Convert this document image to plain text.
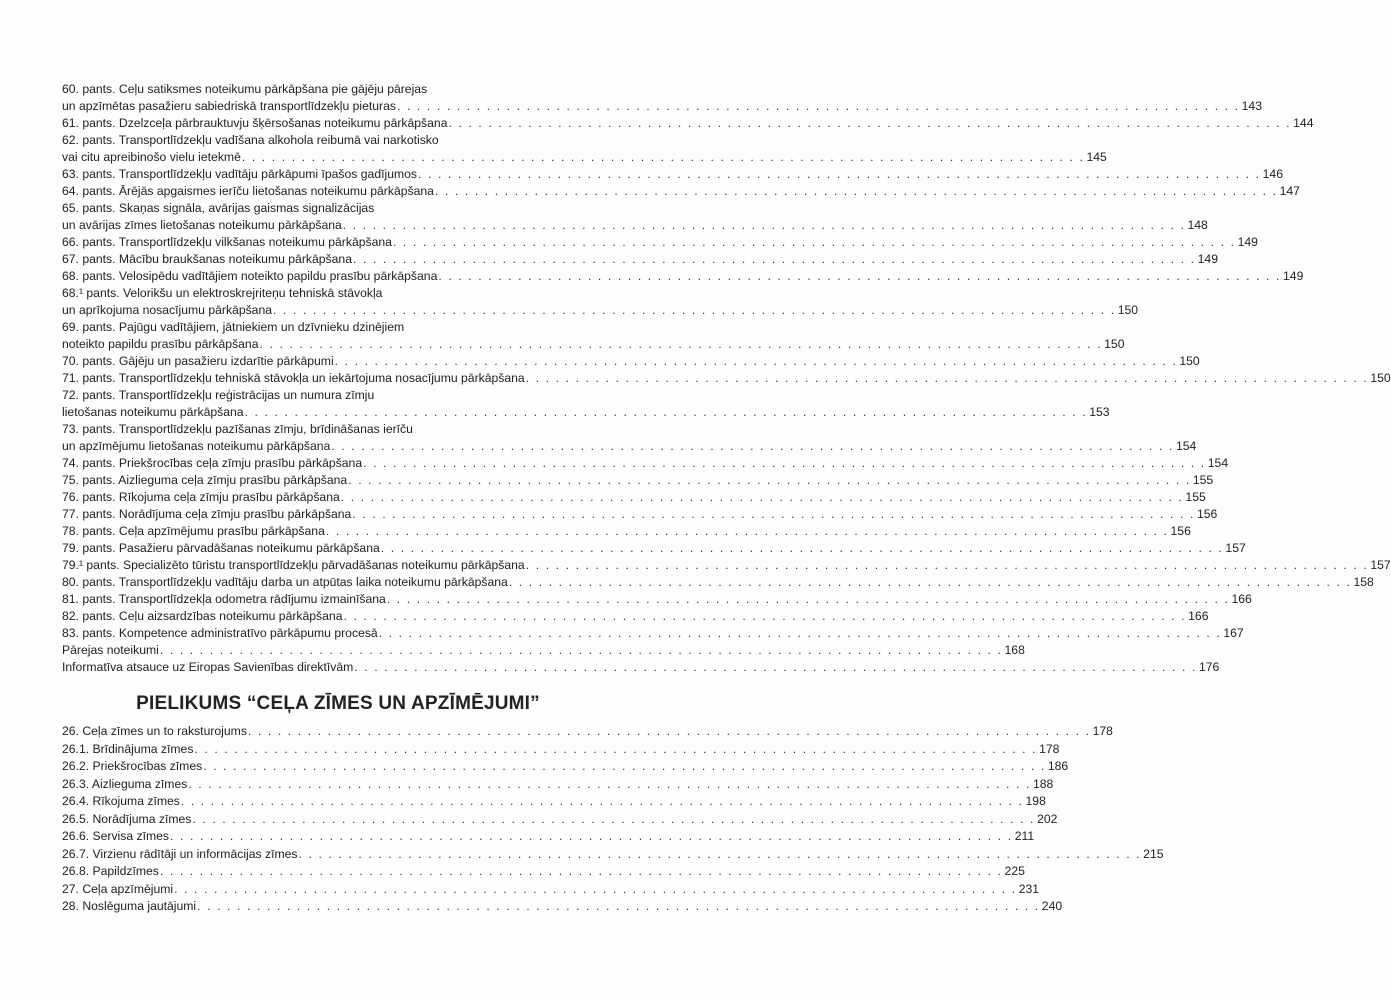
60. pants. Ceļu satiksmes noteikumu pārkāpšana pie gājēju pārejas
un apzīmētas pasažieru sabiedriskā transportlīdzekļu pieturas . . . . . . . . . . . . . . . . . . . . . . . . . . . . . . . . . . . . . . . . . . . . . . . . . . . . . . . . . . . . . . . . . . . . . . . . . . . . . . . . . . . . . 143
61. pants. Dzelzceļa pārbrauktuvju šķērsošanas noteikumu pārkāpšana . . . . . . . . . . . . . . . . . . . . . . . . . . . . . . . . . . . . . . . . . . . . . . . . . . . . . . . . . . . . . . . . . . . . . . . . . . . . . . . . . . . . . 144
62. pants. Transportlīdzekļu vadīšana alkohola reibumā vai narkotisko
vai citu apreibinošo vielu ietekmē . . . . . . . . . . . . . . . . . . . . . . . . . . . . . . . . . . . . . . . . . . . . . . . . . . . . . . . . . . . . . . . . . . . . . . . . . . . . . . . . . . . . . 145
63. pants. Transportlīdzekļu vadītāju pārkāpumi īpašos gadījumos . . . . . . . . . . . . . . . . . . . . . . . . . . . . . . . . . . . . . . . . . . . . . . . . . . . . . . . . . . . . . . . . . . . . . . . . . . . . . . . . . . . . . 146
64. pants. Ārējās apgaismes ierīču lietošanas noteikumu pārkāpšana . . . . . . . . . . . . . . . . . . . . . . . . . . . . . . . . . . . . . . . . . . . . . . . . . . . . . . . . . . . . . . . . . . . . . . . . . . . . . . . . . . . . . 147
65. pants. Skaņas signāla, avārijas gaismas signalizācijas
un avārijas zīmes lietošanas noteikumu pārkāpšana . . . . . . . . . . . . . . . . . . . . . . . . . . . . . . . . . . . . . . . . . . . . . . . . . . . . . . . . . . . . . . . . . . . . . . . . . . . . . . . . . . . . . 148
66. pants. Transportlīdzekļu vilkšanas noteikumu pārkāpšana . . . . . . . . . . . . . . . . . . . . . . . . . . . . . . . . . . . . . . . . . . . . . . . . . . . . . . . . . . . . . . . . . . . . . . . . . . . . . . . . . . . . . 149
67. pants. Mācību braukšanas noteikumu pārkāpšana . . . . . . . . . . . . . . . . . . . . . . . . . . . . . . . . . . . . . . . . . . . . . . . . . . . . . . . . . . . . . . . . . . . . . . . . . . . . . . . . . . . . . 149
68. pants. Velosipēdu vadītājiem noteikto papildu prasību pārkāpšana . . . . . . . . . . . . . . . . . . . . . . . . . . . . . . . . . . . . . . . . . . . . . . . . . . . . . . . . . . . . . . . . . . . . . . . . . . . . . . . . . . . . . 149
68.¹ pants. Velorikšu un elektroskrejriteņu tehniskā stāvokļa
un aprīkojuma nosacījumu pārkāpšana . . . . . . . . . . . . . . . . . . . . . . . . . . . . . . . . . . . . . . . . . . . . . . . . . . . . . . . . . . . . . . . . . . . . . . . . . . . . . . . . . . . . . 150
69. pants. Pajūgu vadītājiem, jātniekiem un dzīvnieku dzinējiem
noteikto papildu prasību pārkāpšana . . . . . . . . . . . . . . . . . . . . . . . . . . . . . . . . . . . . . . . . . . . . . . . . . . . . . . . . . . . . . . . . . . . . . . . . . . . . . . . . . . . . . 150
70. pants. Gājēju un pasažieru izdarītie pārkāpumi . . . . . . . . . . . . . . . . . . . . . . . . . . . . . . . . . . . . . . . . . . . . . . . . . . . . . . . . . . . . . . . . . . . . . . . . . . . . . . . . . . . . . 150
71. pants. Transportlīdzekļu tehniskā stāvokļa un iekārtojuma nosacījumu pārkāpšana . . . . . . . . . . . . . . . . . . . . . . . . . . . . . . . . . . . . . . . . . . . . . . . . . . . . . . . . . . . . . . . . . . . . . . . . . . . . . . . . . . . . . 150
72. pants. Transportlīdzekļu reģistrācijas un numura zīmju
lietošanas noteikumu pārkāpšana . . . . . . . . . . . . . . . . . . . . . . . . . . . . . . . . . . . . . . . . . . . . . . . . . . . . . . . . . . . . . . . . . . . . . . . . . . . . . . . . . . . . . 153
73. pants. Transportlīdzekļu pazīšanas zīmju, brīdināšanas ierīču
un apzīmējumu lietošanas noteikumu pārkāpšana . . . . . . . . . . . . . . . . . . . . . . . . . . . . . . . . . . . . . . . . . . . . . . . . . . . . . . . . . . . . . . . . . . . . . . . . . . . . . . . . . . . . . 154
74. pants. Priekšrocības ceļa zīmju prasību pārkāpšana . . . . . . . . . . . . . . . . . . . . . . . . . . . . . . . . . . . . . . . . . . . . . . . . . . . . . . . . . . . . . . . . . . . . . . . . . . . . . . . . . . . . . 154
75. pants. Aizlieguma ceļa zīmju prasību pārkāpšana . . . . . . . . . . . . . . . . . . . . . . . . . . . . . . . . . . . . . . . . . . . . . . . . . . . . . . . . . . . . . . . . . . . . . . . . . . . . . . . . . . . . . 155
76. pants. Rīkojuma ceļa zīmju prasību pārkāpšana . . . . . . . . . . . . . . . . . . . . . . . . . . . . . . . . . . . . . . . . . . . . . . . . . . . . . . . . . . . . . . . . . . . . . . . . . . . . . . . . . . . . . 155
77. pants. Norādījuma ceļa zīmju prasību pārkāpšana . . . . . . . . . . . . . . . . . . . . . . . . . . . . . . . . . . . . . . . . . . . . . . . . . . . . . . . . . . . . . . . . . . . . . . . . . . . . . . . . . . . . . 156
78. pants. Ceļa apzīmējumu prasību pārkāpšana . . . . . . . . . . . . . . . . . . . . . . . . . . . . . . . . . . . . . . . . . . . . . . . . . . . . . . . . . . . . . . . . . . . . . . . . . . . . . . . . . . . . . 156
79. pants. Pasažieru pārvadāšanas noteikumu pārkāpšana . . . . . . . . . . . . . . . . . . . . . . . . . . . . . . . . . . . . . . . . . . . . . . . . . . . . . . . . . . . . . . . . . . . . . . . . . . . . . . . . . . . . . 157
79.¹ pants. Specializēto tūristu transportlīdzekļu pārvadāšanas noteikumu pārkāpšana . . . . . . . . . . . . . . . . . . . . . . . . . . . . . . . . . . . . . . . . . . . . . . . . . . . . . . . . . . . . . . . . . . . . . . . . . . . . . . . . . . . . . 157
80. pants. Transportlīdzekļu vadītāju darba un atpūtas laika noteikumu pārkāpšana . . . . . . . . . . . . . . . . . . . . . . . . . . . . . . . . . . . . . . . . . . . . . . . . . . . . . . . . . . . . . . . . . . . . . . . . . . . . . . . . . . . . . 158
81. pants. Transportlīdzekļa odometra rādījumu izmainīšana . . . . . . . . . . . . . . . . . . . . . . . . . . . . . . . . . . . . . . . . . . . . . . . . . . . . . . . . . . . . . . . . . . . . . . . . . . . . . . . . . . . . . 166
82. pants. Ceļu aizsardzības noteikumu pārkāpšana . . . . . . . . . . . . . . . . . . . . . . . . . . . . . . . . . . . . . . . . . . . . . . . . . . . . . . . . . . . . . . . . . . . . . . . . . . . . . . . . . . . . . 166
83. pants. Kompetence administratīvo pārkāpumu procesā . . . . . . . . . . . . . . . . . . . . . . . . . . . . . . . . . . . . . . . . . . . . . . . . . . . . . . . . . . . . . . . . . . . . . . . . . . . . . . . . . . . . . 167
Pārejas noteikumi . . . . . . . . . . . . . . . . . . . . . . . . . . . . . . . . . . . . . . . . . . . . . . . . . . . . . . . . . . . . . . . . . . . . . . . . . . . . . . . . . . . . . 168
Informatīva atsauce uz Eiropas Savienības direktīvām . . . . . . . . . . . . . . . . . . . . . . . . . . . . . . . . . . . . . . . . . . . . . . . . . . . . . . . . . . . . . . . . . . . . . . . . . . . . . . . . . . . . . 176
PIELIKUMS “CEĻA ZĪMES UN APZĪMĒJUMI”
26. Ceļa zīmes un to raksturojums . . . . . . . . . . . . . . . . . . . . . . . . . . . . . . . . . . . . . . . . . . . . . . . . . . . . . . . . . . . . . . . . . . . . . . . . . . . . . . . . . . . . . 178
26.1. Brīdinājuma zīmes . . . . . . . . . . . . . . . . . . . . . . . . . . . . . . . . . . . . . . . . . . . . . . . . . . . . . . . . . . . . . . . . . . . . . . . . . . . . . . . . . . . . . 178
26.2. Priekšrocības zīmes . . . . . . . . . . . . . . . . . . . . . . . . . . . . . . . . . . . . . . . . . . . . . . . . . . . . . . . . . . . . . . . . . . . . . . . . . . . . . . . . . . . . . 186
26.3. Aizlieguma zīmes . . . . . . . . . . . . . . . . . . . . . . . . . . . . . . . . . . . . . . . . . . . . . . . . . . . . . . . . . . . . . . . . . . . . . . . . . . . . . . . . . . . . . 188
26.4. Rīkojuma zīmes . . . . . . . . . . . . . . . . . . . . . . . . . . . . . . . . . . . . . . . . . . . . . . . . . . . . . . . . . . . . . . . . . . . . . . . . . . . . . . . . . . . . . 198
26.5. Norādījuma zīmes . . . . . . . . . . . . . . . . . . . . . . . . . . . . . . . . . . . . . . . . . . . . . . . . . . . . . . . . . . . . . . . . . . . . . . . . . . . . . . . . . . . . . 202
26.6. Servisa zīmes . . . . . . . . . . . . . . . . . . . . . . . . . . . . . . . . . . . . . . . . . . . . . . . . . . . . . . . . . . . . . . . . . . . . . . . . . . . . . . . . . . . . . 211
26.7. Virzienu rādītāji un informācijas zīmes . . . . . . . . . . . . . . . . . . . . . . . . . . . . . . . . . . . . . . . . . . . . . . . . . . . . . . . . . . . . . . . . . . . . . . . . . . . . . . . . . . . . . 215
26.8. Papildzīmes . . . . . . . . . . . . . . . . . . . . . . . . . . . . . . . . . . . . . . . . . . . . . . . . . . . . . . . . . . . . . . . . . . . . . . . . . . . . . . . . . . . . . 225
27. Ceļa apzīmējumi . . . . . . . . . . . . . . . . . . . . . . . . . . . . . . . . . . . . . . . . . . . . . . . . . . . . . . . . . . . . . . . . . . . . . . . . . . . . . . . . . . . . . 231
28. Noslēguma jautājumi . . . . . . . . . . . . . . . . . . . . . . . . . . . . . . . . . . . . . . . . . . . . . . . . . . . . . . . . . . . . . . . . . . . . . . . . . . . . . . . . . . . . . 240
